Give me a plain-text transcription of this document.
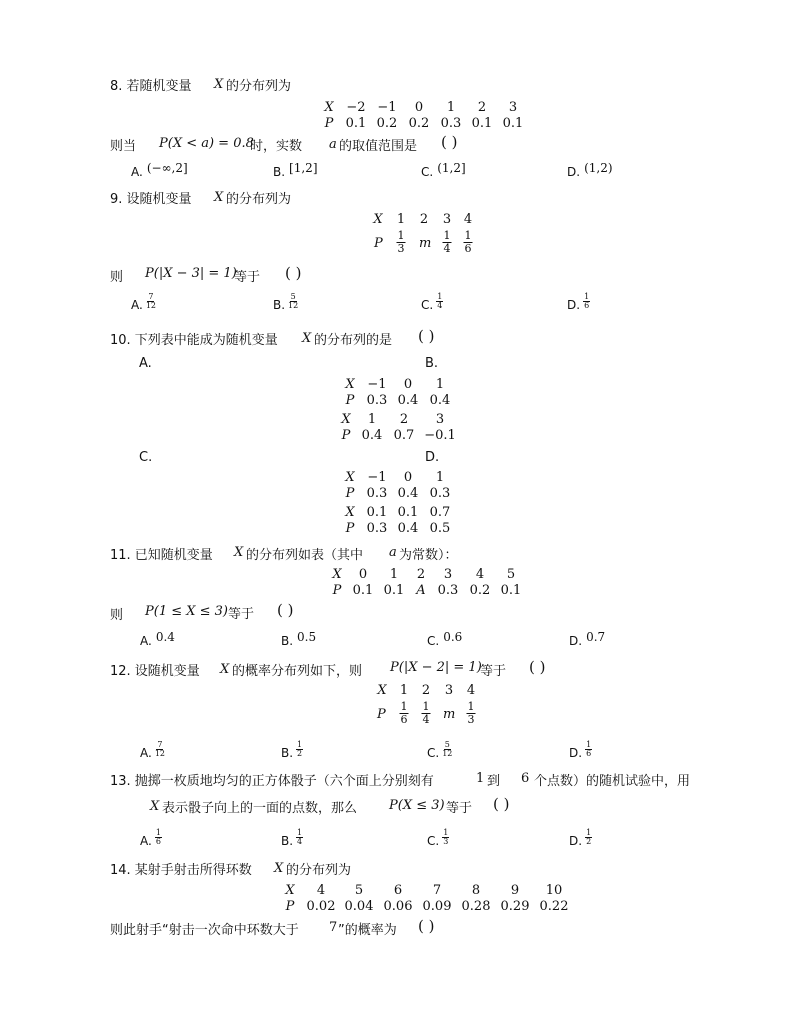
8. 若随机变量 X 的分布列为
X −2 −1 0 1 2 3
P 0.1 0.2 0.2 0.3 0.1 0.1
则当 P(X < a) = 0.8
时，实数 a 的取值范围是 ( )
A. (−∞,2]	B. [1,2]	C. (1,2]	D. (1,2)
9. 设随机变量 X 的分布列为
X 1 2 3 4
P $\frac{1}{3}$ m $\frac{1}{4} \frac{1}{6}$
则 P(|X − 3| = 1)
等于 ( )
A. $\frac{7}{12}$	B. $\frac{5}{12}$	C. $\frac{1}{4}$	D. $\frac{1}{6}$
10. 下列表中能成为随机变量 X 的分布列的是 ( )
A.	B.
X −1 0 1
P 0.3 0.4 0.4
X 1 2 3
P 0.4 0.7 −0.1
C.	D.
X −1 0 1
P 0.3 0.4 0.3
X 0.1 0.1 0.7
P 0.3 0.4 0.5
11. 已知随机变量 X 的分布列如表（其中 a 为常数）：
X 0 1 2 3 4 5
P 0.1 0.1 A 0.3 0.2 0.1
则 P(1 ≤ X ≤ 3) 等于 ( )
A. 0.4	B. 0.5	C. 0.6	D. 0.7
12. 设随机变量 X 的概率分布列如下，则 P(|X − 2| = 1)
等于 ( )
X 1 2 3 4
P $\frac{1}{6} \frac{1}{4}$ m $\frac{1}{3}$
A. $\frac{7}{12}$	B. $\frac{1}{2}$	C. $\frac{5}{12}$	D. $\frac{1}{6}$
13. 抛掷一枚质地均匀的正方体骰子（六个面上分别刻有	1 到 6 个点数）的随机试验中，用
X 表示骰子向上的一面的点数，那么 P(X ≤ 3) 等于 ( )
A. $\frac{1}{6}$	B. $\frac{1}{4}$	C. $\frac{1}{3}$	D. $\frac{1}{2}$
14. 某射手射击所得环数 X 的分布列为
X 4 5 6 7 8 9 10
P 0.02 0.04 0.06 0.09 0.28 0.29 0.22
则此射手“射击一次命中环数大于 7 ”的概率为 ( )
